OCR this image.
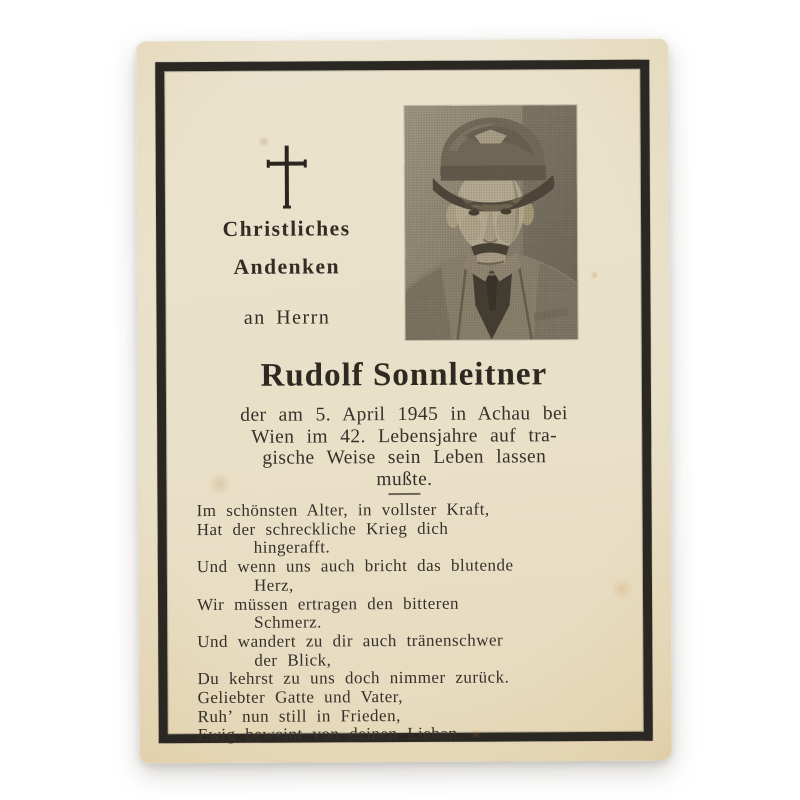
Christliches
Andenken
an Herrn
Rudolf Sonnleitner
der am 5. April 1945 in Achau bei
Wien im 42. Lebensjahre auf tra-
gische Weise sein Leben lassen
mußte.
Im schönsten Alter, in vollster Kraft,
Hat der schreckliche Krieg dich
hingerafft.
Und wenn uns auch bricht das blutende
Herz,
Wir müssen ertragen den bitteren
Schmerz.
Und wandert zu dir auch tränenschwer
der Blick,
Du kehrst zu uns doch nimmer zurück.
Geliebter Gatte und Vater,
Ruh’ nun still in Frieden,
Ewig beweint von deinen Lieben.
